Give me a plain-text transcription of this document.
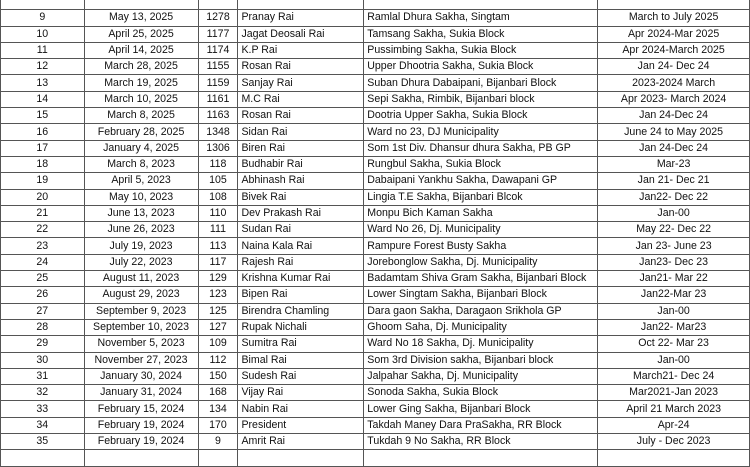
9	May 13, 2025	1278	Pranay Rai	Ramlal Dhura Sakha, Singtam	March to July 2025
10	April 25, 2025	1177	Jagat Deosali Rai	Tamsang Sakha, Sukia Block	Apr 2024-Mar 2025
11	April 14, 2025	1174	K.P Rai	Pussimbing Sakha, Sukia Block	Apr 2024-March 2025
12	March 28, 2025	1155	Rosan Rai	Upper Dhootria Sakha, Sukia Block	Jan 24- Dec 24
13	March 19, 2025	1159	Sanjay Rai	Suban Dhura Dabaipani, Bijanbari Block	2023-2024 March
14	March 10, 2025	1161	M.C Rai	Sepi Sakha, Rimbik, Bijanbari block	Apr 2023- March 2024
15	March 8, 2025	1163	Rosan Rai	Dootria Upper Sakha, Sukia Block	Jan 24-Dec 24
16	February 28, 2025	1348	Sidan Rai	Ward no 23, DJ Municipality	June 24 to May 2025
17	January 4, 2025	1306	Biren Rai	Som 1st Div. Dhansur dhura Sakha, PB GP	Jan 24-Dec 24
18	March 8, 2023	118	Budhabir Rai	Rungbul Sakha, Sukia Block	Mar-23
19	April 5, 2023	105	Abhinash Rai	Dabaipani Yankhu Sakha, Dawapani GP	Jan 21- Dec 21
20	May 10, 2023	108	Bivek Rai	Lingia T.E Sakha, Bijanbari Blcok	Jan22- Dec 22
21	June 13, 2023	110	Dev Prakash Rai	Monpu Bich Kaman Sakha	Jan-00
22	June 26, 2023	111	Sudan Rai	Ward No 26, Dj. Municipality	May 22- Dec 22
23	July 19, 2023	113	Naina Kala Rai	Rampure Forest Busty Sakha	Jan 23- June 23
24	July 22, 2023	117	Rajesh Rai	Jorebonglow Sakha, Dj. Municipality	Jan23- Dec 23
25	August 11, 2023	129	Krishna Kumar Rai	Badamtam Shiva Gram Sakha, Bijanbari Block	Jan21- Mar 22
26	August 29, 2023	123	Bipen Rai	Lower Singtam Sakha, Bijanbari Block	Jan22-Mar 23
27	September 9, 2023	125	Birendra Chamling	Dara gaon Sakha, Daragaon Srikhola GP	Jan-00
28	September 10, 2023	127	Rupak Nichali	Ghoom Saha, Dj. Municipality	Jan22- Mar23
29	November 5, 2023	109	Sumitra Rai	Ward No 18 Sakha, Dj. Municipality	Oct 22- Mar 23
30	November 27, 2023	112	Bimal Rai	Som 3rd Division sakha, Bijanbari block	Jan-00
31	January 30, 2024	150	Sudesh Rai	Jalpahar Sakha, Dj. Municipality	March21- Dec 24
32	January 31, 2024	168	Vijay Rai	Sonoda Sakha, Sukia Block	Mar2021-Jan 2023
33	February 15, 2024	134	Nabin Rai	Lower Ging Sakha, Bijanbari Block	April 21 March 2023
34	February 19, 2024	170	President	Takdah Maney Dara PraSakha, RR Block	Apr-24
35	February 19, 2024	9	Amrit Rai	Tukdah 9 No Sakha, RR Block	July - Dec 2023
